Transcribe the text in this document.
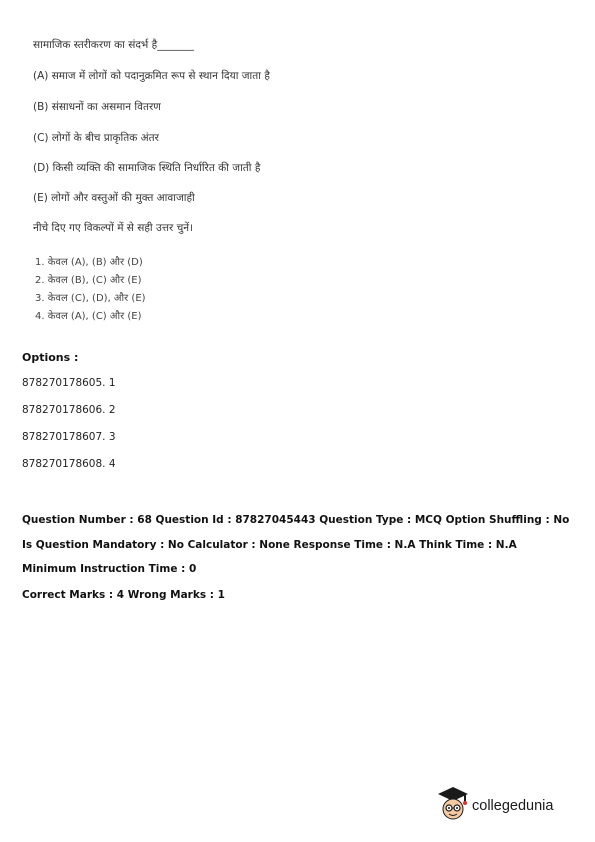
सामाजिक स्तरीकरण का संदर्भ है_______
(A) समाज में लोगों को पदानुक्रमित रूप से स्थान दिया जाता है
(B) संसाधनों का असमान वितरण
(C) लोगों के बीच प्राकृतिक अंतर
(D) किसी व्यक्ति की सामाजिक स्थिति निर्धारित की जाती है
(E) लोगों और वस्तुओं की मुक्त आवाजाही
नीचे दिए गए विकल्पों में से सही उत्तर चुनें।
1. केवल (A), (B) और (D)
2. केवल (B), (C) और (E)
3. केवल (C), (D), और (E)
4. केवल (A), (C) और (E)
Options :
878270178605. 1
878270178606. 2
878270178607. 3
878270178608. 4
Question Number : 68 Question Id : 87827045443 Question Type : MCQ Option Shuffling : No
Is Question Mandatory : No Calculator : None Response Time : N.A Think Time : N.A
Minimum Instruction Time : 0
Correct Marks : 4 Wrong Marks : 1
collegedunia
